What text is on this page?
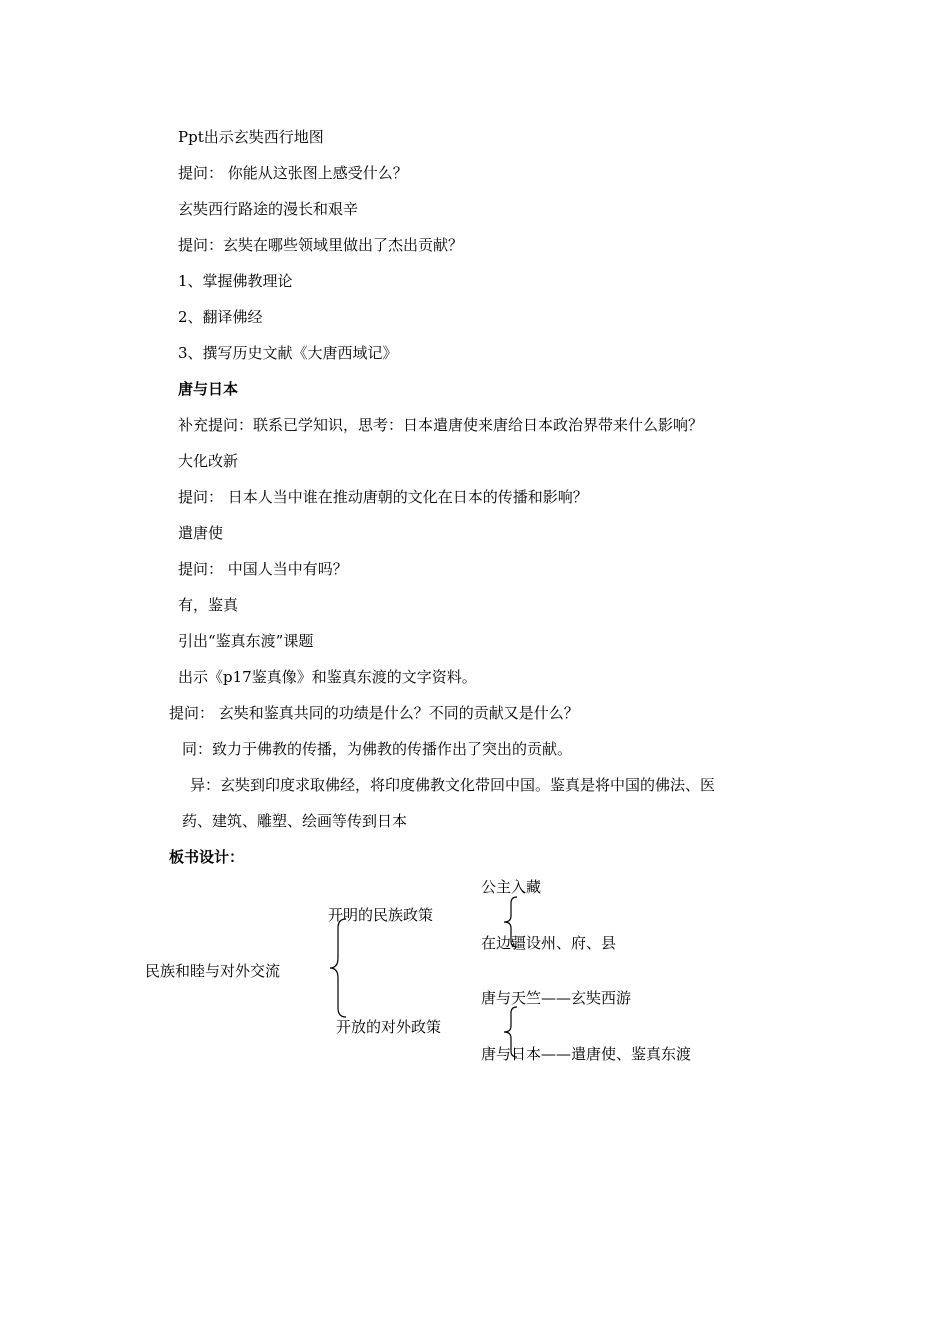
Ppt出示玄奘西行地图
提问： 你能从这张图上感受什么？
玄奘西行路途的漫长和艰辛
提问：玄奘在哪些领域里做出了杰出贡献？
1、掌握佛教理论
2、翻译佛经
3、撰写历史文献《大唐西域记》
唐与日本
补充提问：联系已学知识，思考：日本遣唐使来唐给日本政治界带来什么影响？
大化改新
提问： 日本人当中谁在推动唐朝的文化在日本的传播和影响？
遣唐使
提问： 中国人当中有吗？
有，鉴真
引出“鉴真东渡”课题
出示《p17鉴真像》和鉴真东渡的文字资料。
提问： 玄奘和鉴真共同的功绩是什么？不同的贡献又是什么？
同：致力于佛教的传播，为佛教的传播作出了突出的贡献。
异：玄奘到印度求取佛经，将印度佛教文化带回中国。鉴真是将中国的佛法、医
药、建筑、雕塑、绘画等传到日本
板书设计：
民族和睦与对外交流
开明的民族政策
开放的对外政策
公主入藏
在边疆设州、府、县
唐与天竺——玄奘西游
唐与日本——遣唐使、鉴真东渡
